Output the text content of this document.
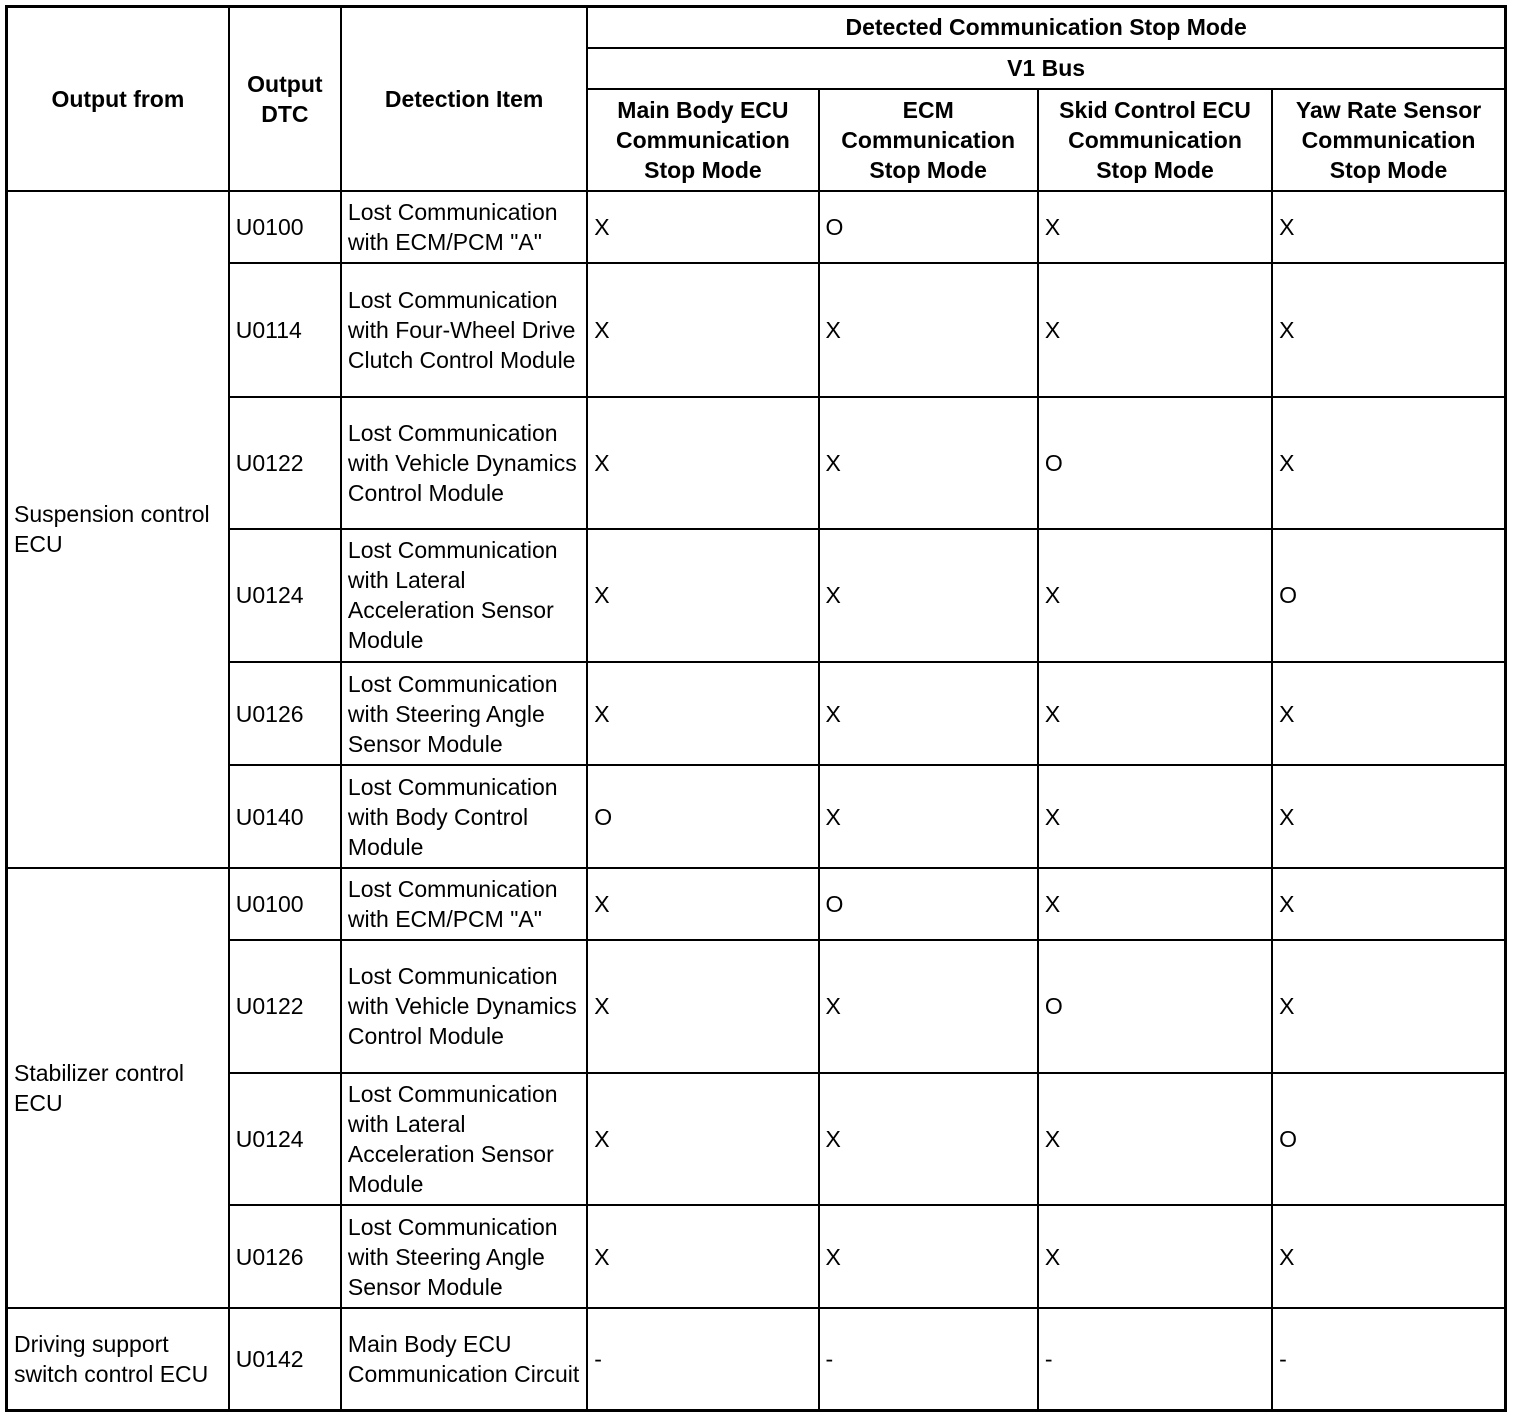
Output from	Output DTC	Detection Item	Detected Communication Stop Mode			
			V1 Bus			
			Main Body ECU Communication Stop Mode	ECM Communication Stop Mode	Skid Control ECU Communication Stop Mode	Yaw Rate Sensor Communication Stop Mode
Suspension control ECU	U0100	Lost Communication with ECM/PCM "A"	X	O	X	X
	U0114	Lost Communication with Four-Wheel Drive Clutch Control Module	X	X	X	X
	U0122	Lost Communication with Vehicle Dynamics Control Module	X	X	O	X
	U0124	Lost Communication with Lateral Acceleration Sensor Module	X	X	X	O
	U0126	Lost Communication with Steering Angle Sensor Module	X	X	X	X
	U0140	Lost Communication with Body Control Module	O	X	X	X
Stabilizer control ECU	U0100	Lost Communication with ECM/PCM "A"	X	O	X	X
	U0122	Lost Communication with Vehicle Dynamics Control Module	X	X	O	X
	U0124	Lost Communication with Lateral Acceleration Sensor Module	X	X	X	O
	U0126	Lost Communication with Steering Angle Sensor Module	X	X	X	X
Driving support switch control ECU	U0142	Main Body ECU Communication Circuit	-	-	-	-
